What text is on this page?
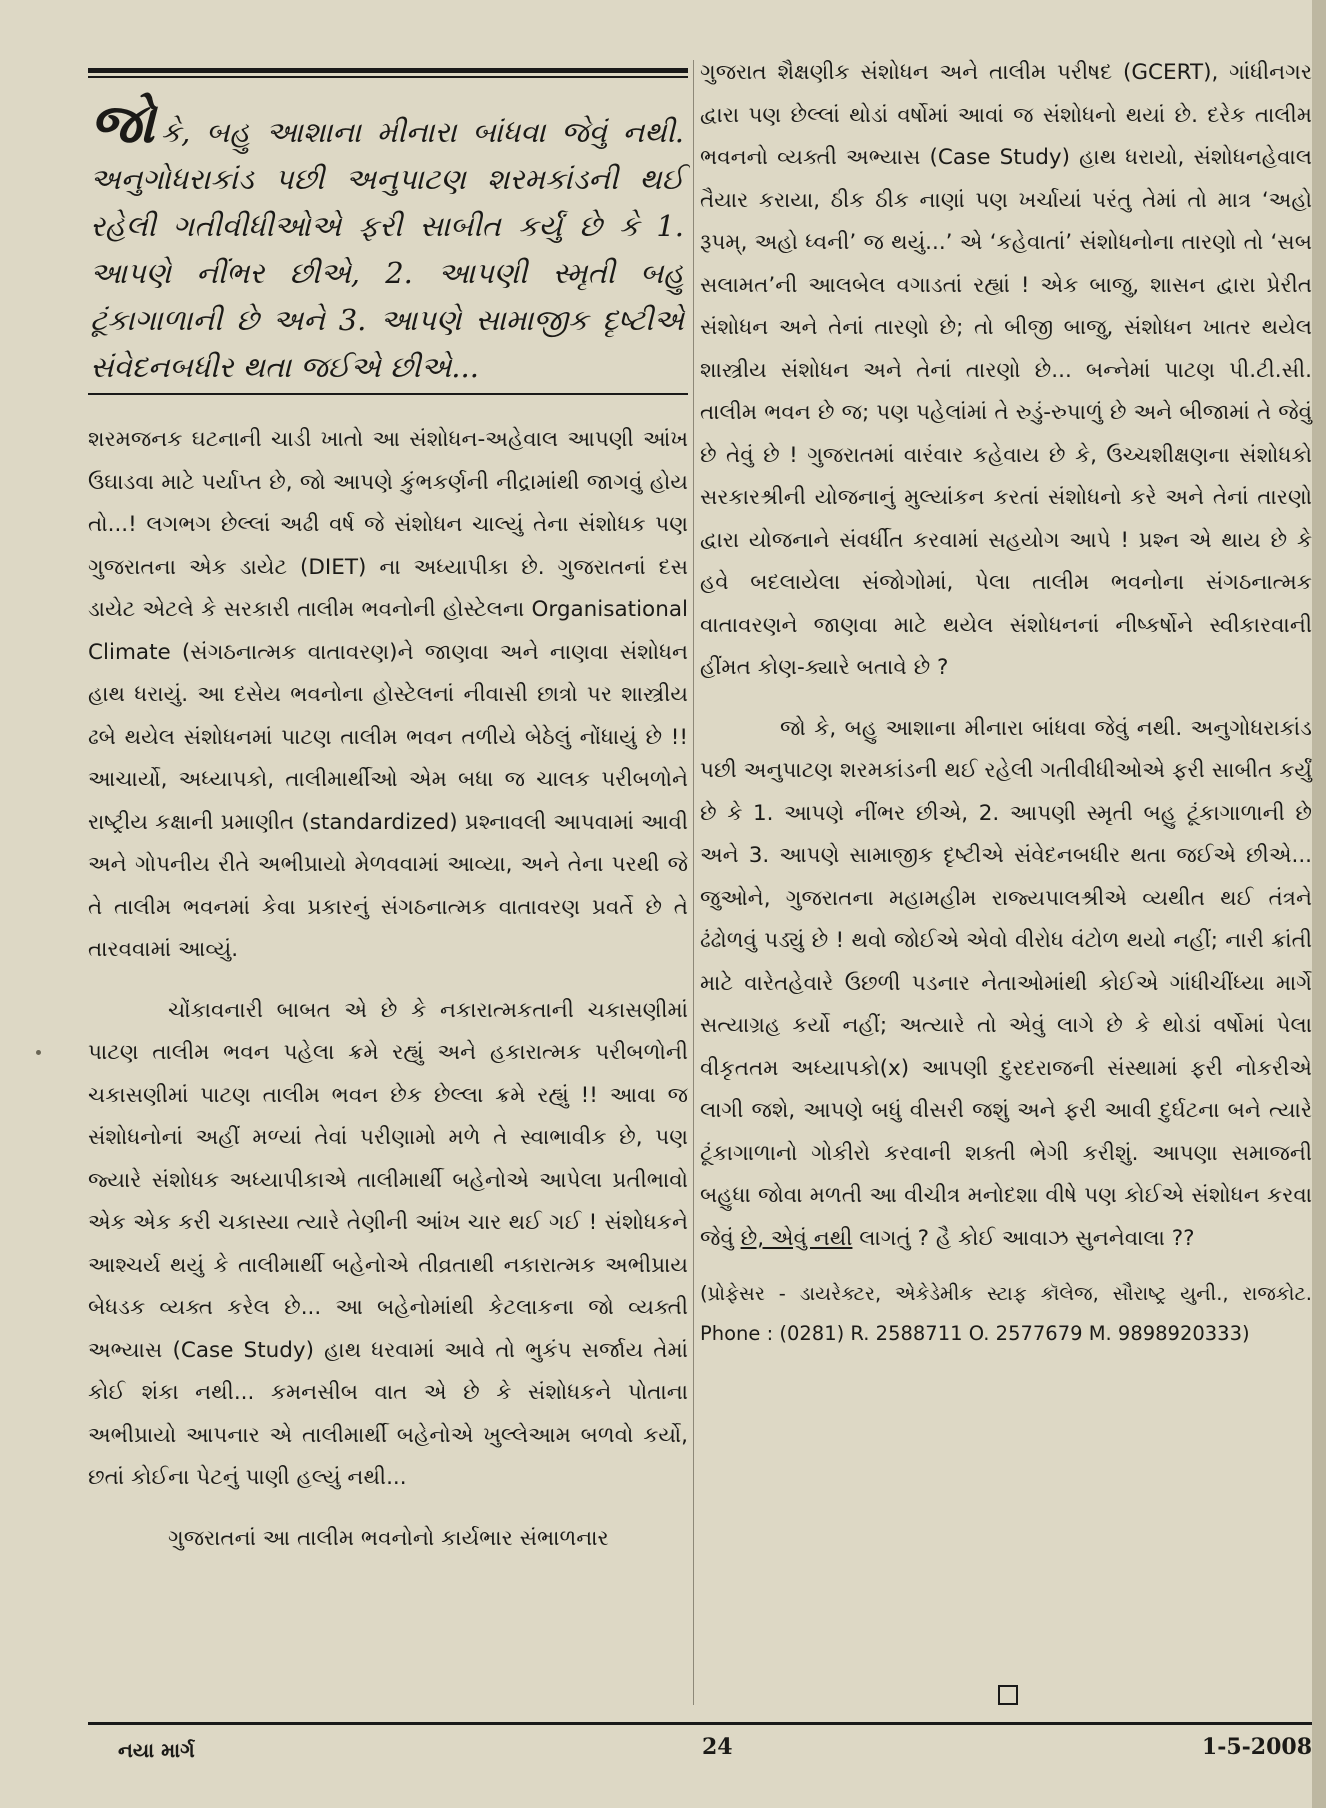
જોકે, બહુ આશાના મીનારા બાંધવા જેવું નથી. અનુગોધરાકાંડ પછી અનુપાટણ શરમકાંડની થઈ રહેલી ગતીવીધીઓએ ફરી સાબીત કર્યું છે કે 1. આપણે નીંભર છીએ, 2. આપણી સ્મૃતી બહુ ટૂંકાગાળાની છે અને 3. આપણે સામાજીક દૃષ્ટીએ સંવેદનબધીર થતા જઈએ છીએ...

શરમજનક ઘટનાની ચાડી ખાતો આ સંશોધન-અહેવાલ આપણી આંખ ઉઘાડવા માટે પર્યાપ્ત છે, જો આપણે કુંભકર્ણની નીદ્રામાંથી જાગવું હોય તો...! લગભગ છેલ્લાં અઢી વર્ષ જે સંશોધન ચાલ્યું તેના સંશોધક પણ ગુજરાતના એક ડાયેટ (DIET) ના અધ્યાપીકા છે. ગુજરાતનાં દસ ડાયેટ એટલે કે સરકારી તાલીમ ભવનોની હોસ્ટેલના Organisational Climate (સંગઠનાત્મક વાતાવરણ)ને જાણવા અને નાણવા સંશોધન હાથ ધરાયું. આ દસેય ભવનોના હોસ્ટેલનાં નીવાસી છાત્રો પર શાસ્ત્રીય ઢબે થયેલ સંશોધનમાં પાટણ તાલીમ ભવન તળીયે બેઠેલું નોંધાયું છે !! આચાર્યો, અધ્યાપકો, તાલીમાર્થીઓ એમ બધા જ ચાલક પરીબળોને રાષ્ટ્રીય કક્ષાની પ્રમાણીત (standardized) પ્રશ્નાવલી આપવામાં આવી અને ગોપનીય રીતે અભીપ્રાયો મેળવવામાં આવ્યા, અને તેના પરથી જે તે તાલીમ ભવનમાં કેવા પ્રકારનું સંગઠનાત્મક વાતાવરણ પ્રવર્તે છે તે તારવવામાં આવ્યું.

ચોંકાવનારી બાબત એ છે કે નકારાત્મકતાની ચકાસણીમાં પાટણ તાલીમ ભવન પહેલા ક્રમે રહ્યું અને હકારાત્મક પરીબળોની ચકાસણીમાં પાટણ તાલીમ ભવન છેક છેલ્લા ક્રમે રહ્યું !! આવા જ સંશોધનોનાં અહીં મળ્યાં તેવાં પરીણામો મળે તે સ્વાભાવીક છે, પણ જ્યારે સંશોધક અધ્યાપીકાએ તાલીમાર્થી બહેનોએ આપેલા પ્રતીભાવો એક એક કરી ચકાસ્યા ત્યારે તેણીની આંખ ચાર થઈ ગઈ ! સંશોધકને આશ્ચર્ય થયું કે તાલીમાર્થી બહેનોએ તીવ્રતાથી નકારાત્મક અભીપ્રાય બેધડક વ્યક્ત કરેલ છે... આ બહેનોમાંથી કેટલાકના જો વ્યક્તી અભ્યાસ (Case Study) હાથ ધરવામાં આવે તો ભુકંપ સર્જાય તેમાં કોઈ શંકા નથી... કમનસીબ વાત એ છે કે સંશોધકને પોતાના અભીપ્રાયો આપનાર એ તાલીમાર્થી બહેનોએ ખુલ્લેઆમ બળવો કર્યો, છતાં કોઈના પેટનું પાણી હલ્યું નથી...

ગુજરાતનાં આ તાલીમ ભવનોનો કાર્યભાર સંભાળનાર

ગુજરાત શૈક્ષણીક સંશોધન અને તાલીમ પરીષદ (GCERT), ગાંધીનગર દ્વારા પણ છેલ્લાં થોડાં વર્ષોમાં આવાં જ સંશોધનો થયાં છે. દરેક તાલીમ ભવનનો વ્યક્તી અભ્યાસ (Case Study) હાથ ધરાયો, સંશોધનહેવાલ તૈયાર કરાયા, ઠીક ઠીક નાણાં પણ ખર્ચાયાં પરંતુ તેમાં તો માત્ર ‘અહો રૂપમ્, અહો ધ્વની’ જ થયું...’ એ ‘કહેવાતાં’ સંશોધનોના તારણો તો ‘સબ સલામત’ની આલબેલ વગાડતાં રહ્યાં ! એક બાજુ, શાસન દ્વારા પ્રેરીત સંશોધન અને તેનાં તારણો છે; તો બીજી બાજુ, સંશોધન ખાતર થયેલ શાસ્ત્રીય સંશોધન અને તેનાં તારણો છે... બન્નેમાં પાટણ પી.ટી.સી. તાલીમ ભવન છે જ; પણ પહેલાંમાં તે રુડું-રુપાળું છે અને બીજામાં તે જેવું છે તેવું છે ! ગુજરાતમાં વારંવાર કહેવાય છે કે, ઉચ્ચશીક્ષણના સંશોધકો સરકારશ્રીની યોજનાનું મુલ્યાંકન કરતાં સંશોધનો કરે અને તેનાં તારણો દ્વારા યોજનાને સંવર્ધીત કરવામાં સહયોગ આપે ! પ્રશ્ન એ થાય છે કે હવે બદલાયેલા સંજોગોમાં, પેલા તાલીમ ભવનોના સંગઠનાત્મક વાતાવરણને જાણવા માટે થયેલ સંશોધનનાં નીષ્કર્ષોને સ્વીકારવાની હીંમત કોણ-ક્યારે બતાવે છે ?

જો કે, બહુ આશાના મીનારા બાંધવા જેવું નથી. અનુગોધરાકાંડ પછી અનુપાટણ શરમકાંડની થઈ રહેલી ગતીવીધીઓએ ફરી સાબીત કર્યું છે કે 1. આપણે નીંભર છીએ, 2. આપણી સ્મૃતી બહુ ટૂંકાગાળાની છે અને 3. આપણે સામાજીક દૃષ્ટીએ સંવેદનબધીર થતા જઈએ છીએ... જુઓને, ગુજરાતના મહામહીમ રાજ્યપાલશ્રીએ વ્યથીત થઈ તંત્રને ઢંઢોળવું પડ્યું છે ! થવો જોઈએ એવો વીરોધ વંટોળ થયો નહીં; નારી ક્રાંતી માટે વારેતહેવારે ઉછળી પડનાર નેતાઓમાંથી કોઈએ ગાંધીચીંધ્યા માર્ગે સત્યાગ્રહ કર્યો નહીં; અત્યારે તો એવું લાગે છે કે થોડાં વર્ષોમાં પેલા વીકૃતતમ અધ્યાપકો(x) આપણી દુરદરાજની સંસ્થામાં ફરી નોકરીએ લાગી જશે, આપણે બધું વીસરી જશું અને ફરી આવી દુર્ઘટના બને ત્યારે ટૂંકાગાળાનો ગોકીરો કરવાની શક્તી ભેગી કરીશું. આપણા સમાજની બહુધા જોવા મળતી આ વીચીત્ર મનોદશા વીષે પણ કોઈએ સંશોધન કરવા જેવું છે, એવું નથી લાગતું ? હૈ કોઈ આવાઝ સુનનેવાલા ??

(પ્રોફેસર - ડાયરેક્ટર, એકેડેમીક સ્ટાફ કૉલેજ, સૌરાષ્ટ્ર યુની., રાજકોટ. Phone : (0281) R. 2588711 O. 2577679 M. 9898920333)

નયા માર્ગ	24	1-5-2008
